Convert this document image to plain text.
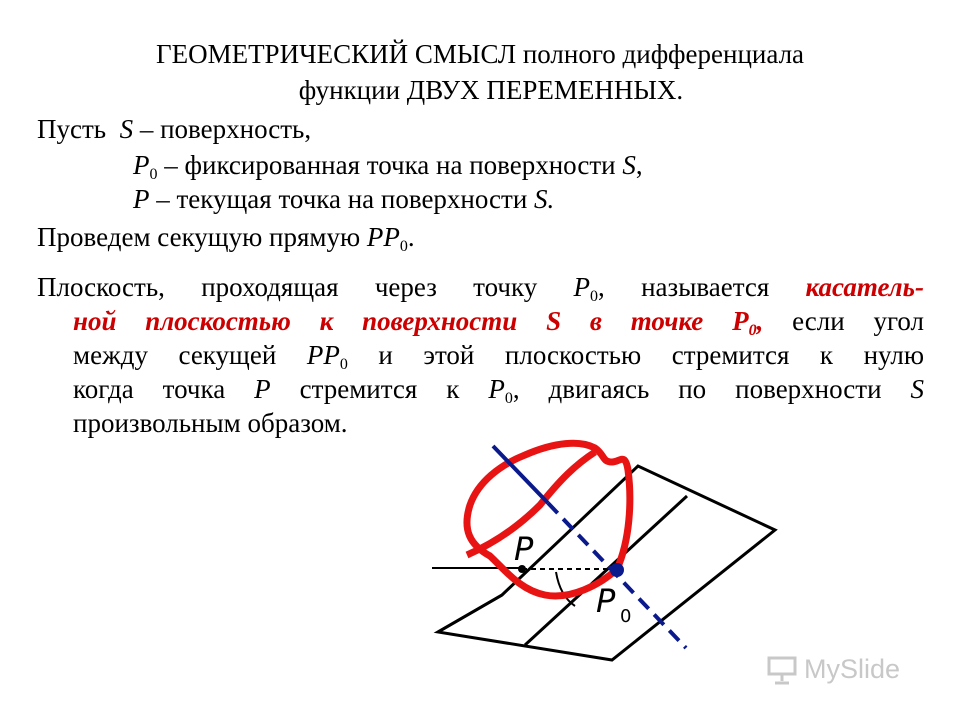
ГЕОМЕТРИЧЕСКИЙ СМЫСЛ полного дифференциала
функции ДВУХ ПЕРЕМЕННЫХ.
Пусть S – поверхность,
$P_0$ – фиксированная точка на поверхности S,
P – текущая точка на поверхности S.
Проведем секущую прямую $PP_0$.
Плоскость, проходящая через точку $P_0$, называется касатель-
ной плоскостью к поверхности S в точке $P_0$, если угол
между секущей $PP_0$ и этой плоскостью стремится к нулю
когда точка P стремится к $P_0$, двигаясь по поверхности S
произвольным образом.
P
P 0
MySlide
